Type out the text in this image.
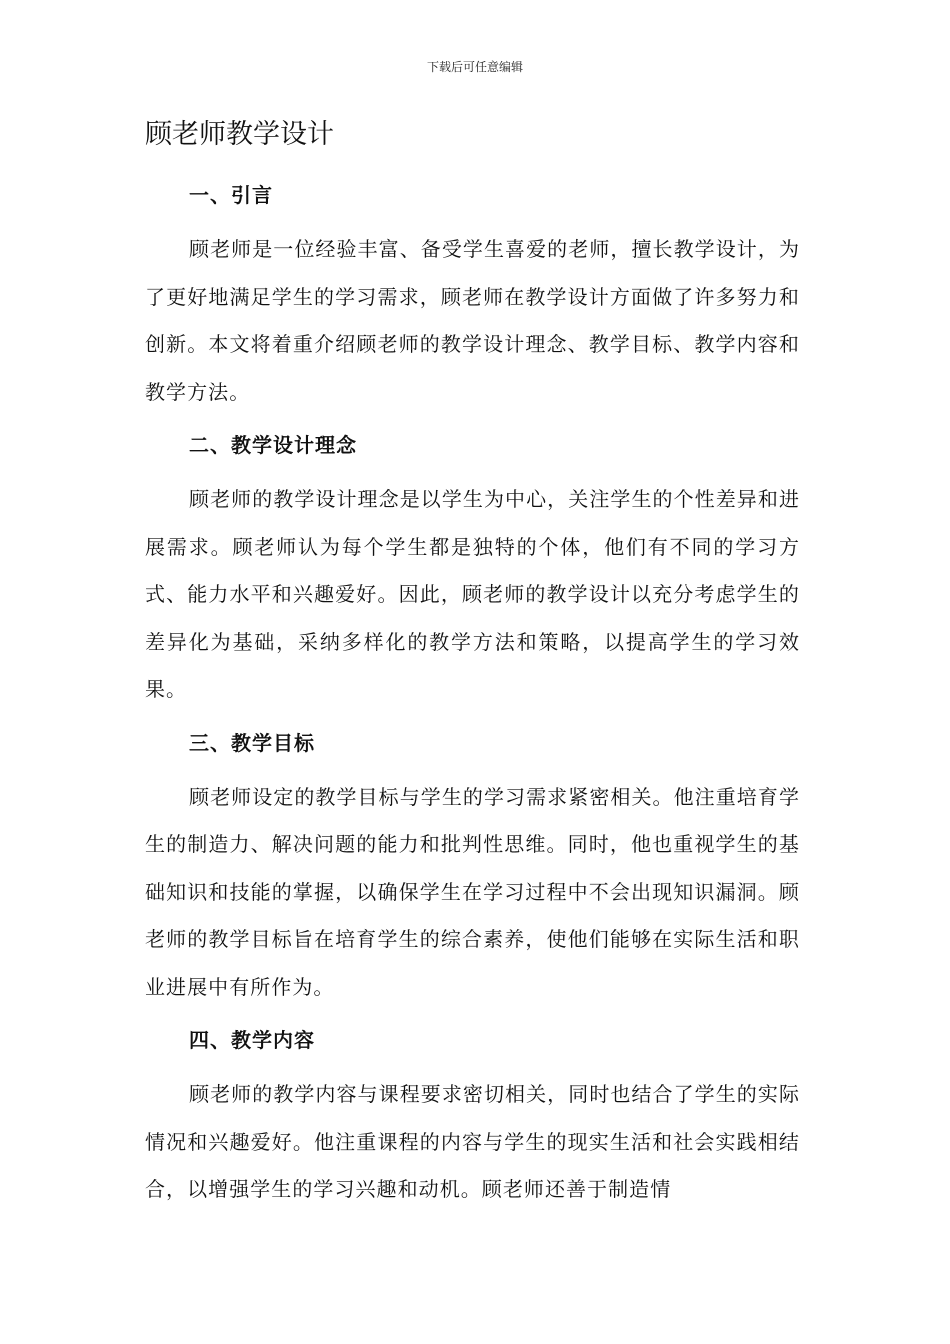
下载后可任意编辑
顾老师教学设计
一、引言

顾老师是一位经验丰富、备受学生喜爱的老师，擅长教学设计，为了更好地满足学生的学习需求，顾老师在教学设计方面做了许多努力和创新。本文将着重介绍顾老师的教学设计理念、教学目标、教学内容和教学方法。

二、教学设计理念

顾老师的教学设计理念是以学生为中心，关注学生的个性差异和进展需求。顾老师认为每个学生都是独特的个体，他们有不同的学习方式、能力水平和兴趣爱好。因此，顾老师的教学设计以充分考虑学生的差异化为基础，采纳多样化的教学方法和策略，以提高学生的学习效果。

三、教学目标

顾老师设定的教学目标与学生的学习需求紧密相关。他注重培育学生的制造力、解决问题的能力和批判性思维。同时，他也重视学生的基础知识和技能的掌握，以确保学生在学习过程中不会出现知识漏洞。顾老师的教学目标旨在培育学生的综合素养，使他们能够在实际生活和职业进展中有所作为。

四、教学内容

顾老师的教学内容与课程要求密切相关，同时也结合了学生的实际情况和兴趣爱好。他注重课程的内容与学生的现实生活和社会实践相结合，以增强学生的学习兴趣和动机。顾老师还善于制造情
